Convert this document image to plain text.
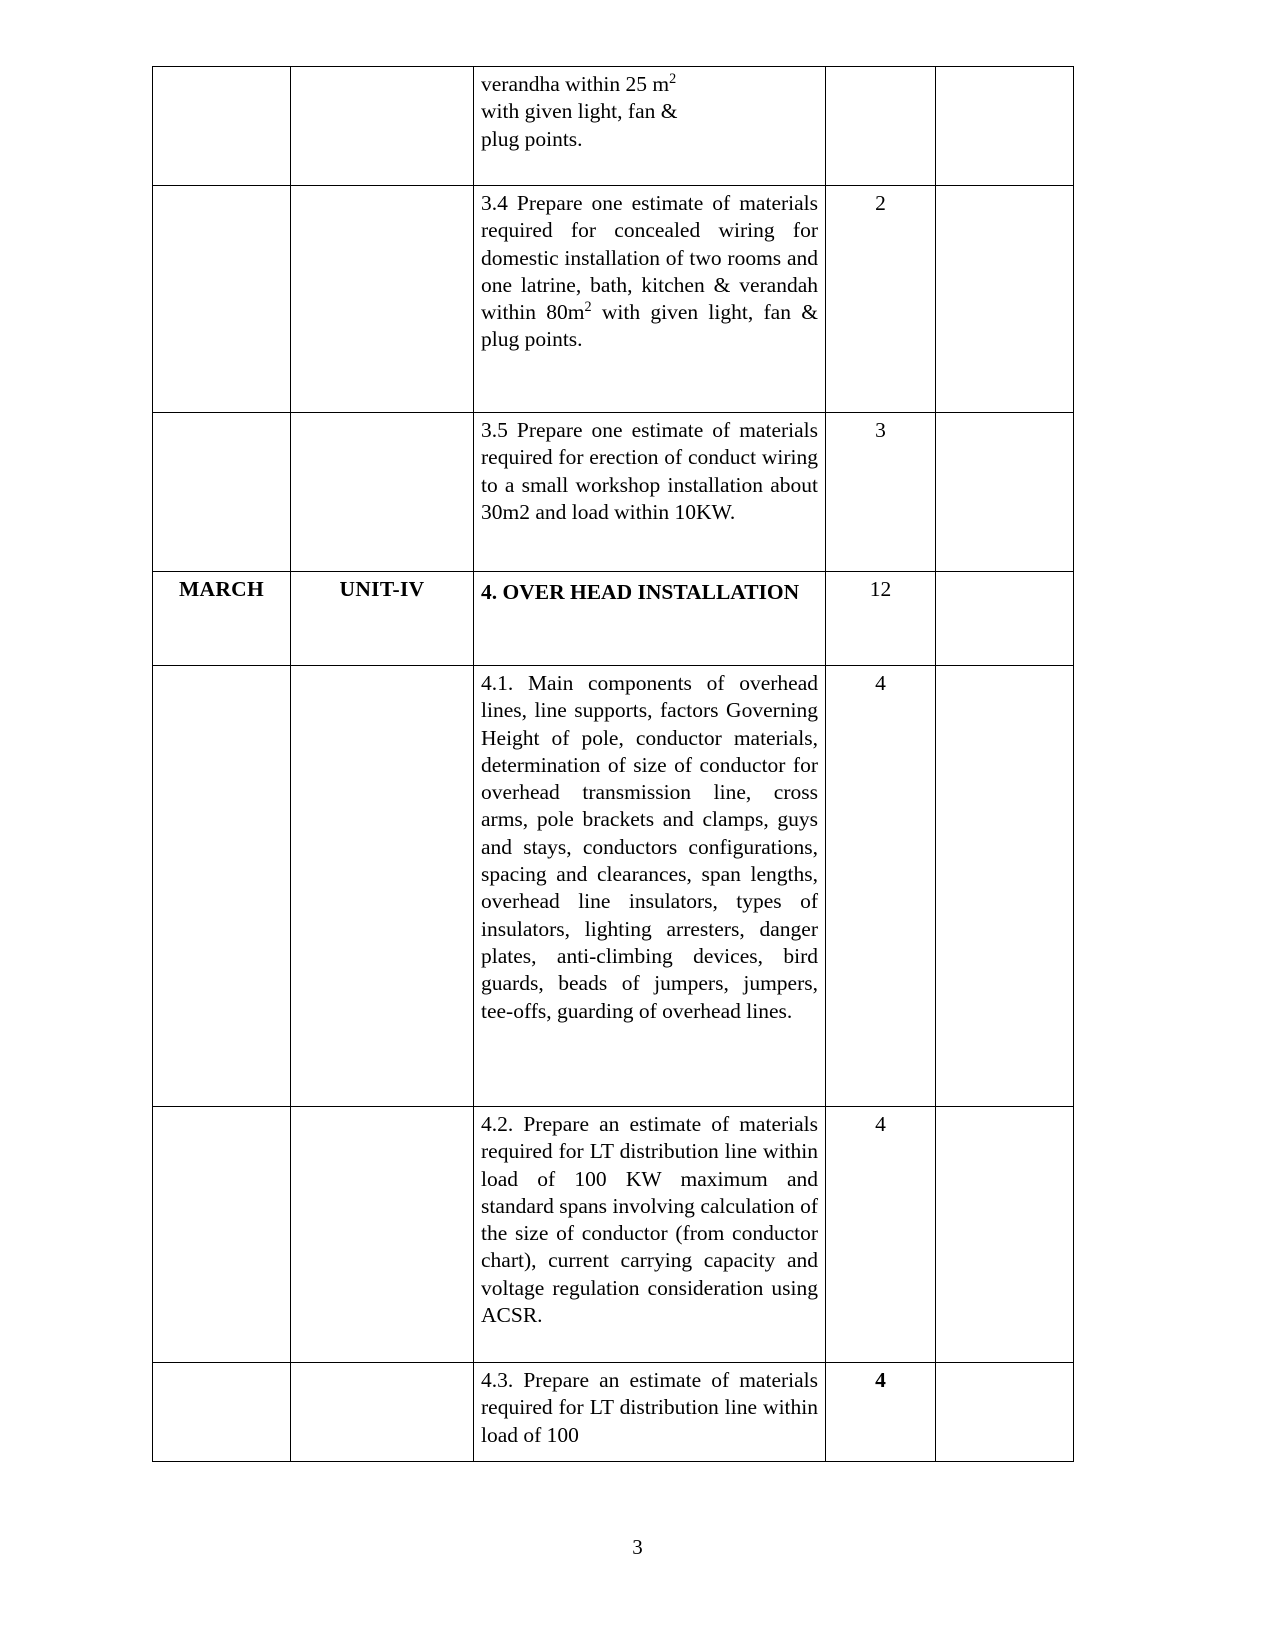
		verandha within 25 $m^2$
with given light, fan &
plug points.		

		3.4 Prepare one estimate of materials required for concealed wiring for domestic installation of two rooms and one latrine, bath, kitchen & verandah within $80m^2$ with given light, fan & plug points.	2	
		3.5 Prepare one estimate of materials required for erection of conduct wiring to a small workshop installation about 30m2 and load within 10KW.	3	
MARCH	UNIT-IV	4. OVER HEAD INSTALLATION	12	
		4.1. Main components of overhead lines, line supports, factors Governing Height of pole, conductor materials, determination of size of conductor for overhead transmission line, cross arms, pole brackets and clamps, guys and stays, conductors configurations, spacing and clearances, span lengths, overhead line insulators, types of insulators, lighting arresters, danger plates, anti-climbing devices, bird guards, beads of jumpers, jumpers, tee-offs, guarding of overhead lines.	4	
		4.2. Prepare an estimate of materials required for LT distribution line within load of 100 KW maximum and standard spans involving calculation of the size of conductor (from conductor chart), current carrying capacity and voltage regulation consideration using ACSR.	4	
		4.3. Prepare an estimate of materials required for LT distribution line within load of 100	4	
3
